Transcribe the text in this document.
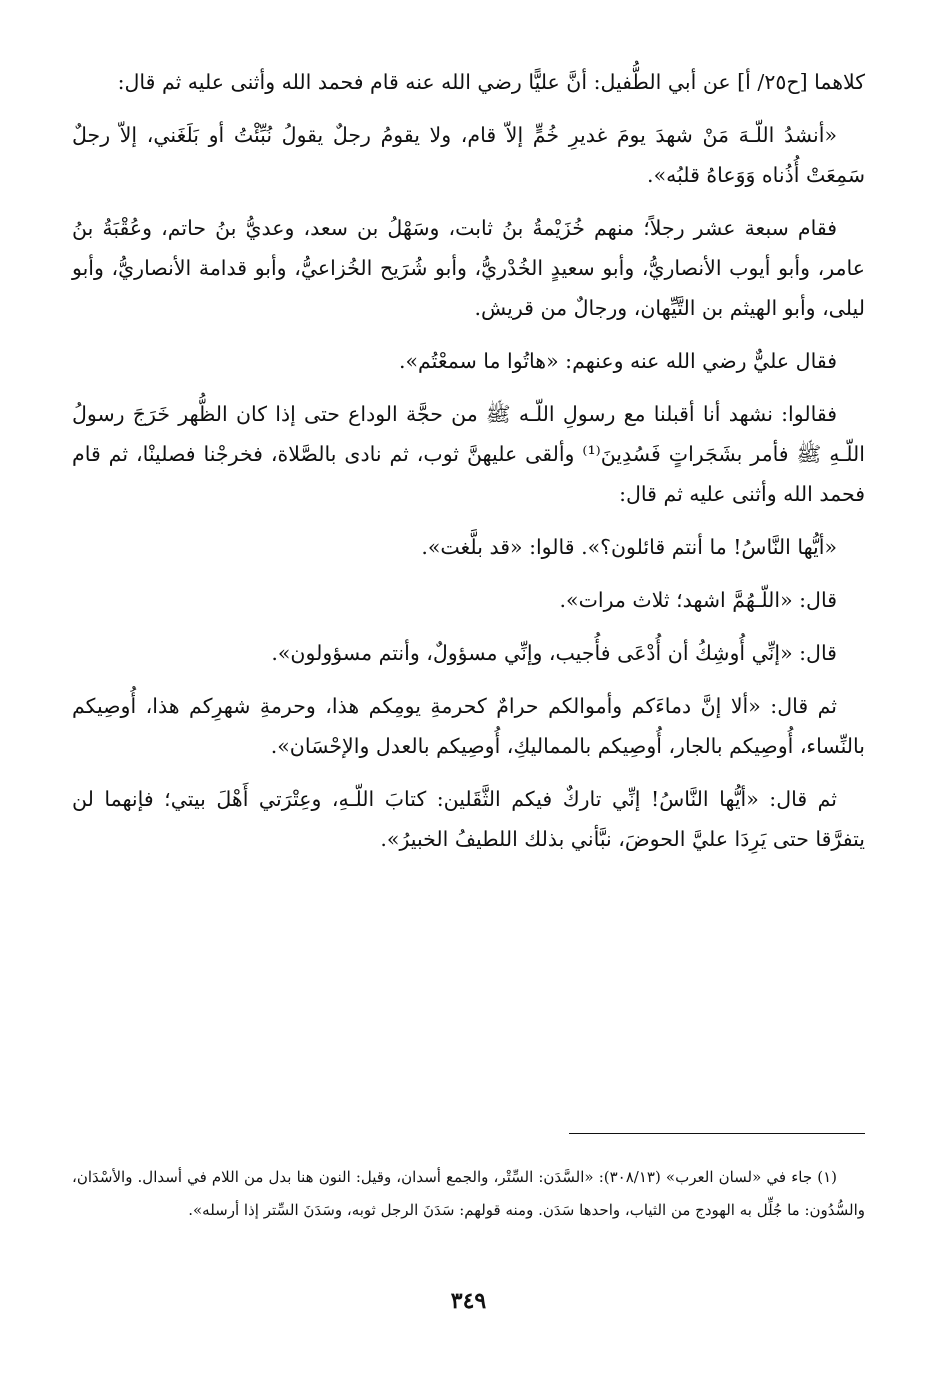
كلاهما [ح٢٥/ أ] عن أبي الطُّفيل: أنَّ عليًّا رضي الله عنه قام فحمد الله وأثنى عليه ثم قال:

«أنشدُ اللّـهَ مَنْ شهدَ يومَ غديرِ خُمٍّ إلاّ قام، ولا يقومُ رجلٌ يقولُ نُبِّئْتُ أو بَلَغَني، إلاّ رجلٌ سَمِعَتْ أُذُناه وَوَعاهُ قلبُه».

فقام سبعة عشر رجلاً؛ منهم خُزَيْمةُ بنُ ثابت، وسَهْلُ بن سعد، وعديُّ بنُ حاتم، وعُقْبَةُ بنُ عامر، وأبو أيوب الأنصاريُّ، وأبو سعيدٍ الخُدْريُّ، وأبو شُرَيح الخُزاعيُّ، وأبو قدامة الأنصاريُّ، وأبو ليلى، وأبو الهيثم بن التَّيِّهان، ورجالٌ من قريش.

فقال عليٌّ رضي الله عنه وعنهم: «هاتُوا ما سمعْتُم».

فقالوا: نشهد أنا أقبلنا مع رسولِ اللّـه ﷺ من حجَّة الوداع حتى إذا كان الظُّهر خَرَجَ رسولُ اللّـهِ ﷺ فأمر بشَجَراتٍ فَسُدِينَ⁽¹⁾ وألقى عليهنَّ ثوب، ثم نادى بالصَّلاة، فخرجْنا فصلينْا، ثم قام فحمد الله وأثنى عليه ثم قال:

«أيُّها النَّاسُ! ما أنتم قائلون؟». قالوا: «قد بلَّغت».

قال: «اللّـهُمَّ اشهد؛ ثلاث مرات».

قال: «إنِّي أُوشِكُ أن أُدْعَى فأُجيب، وإنِّي مسؤولٌ، وأنتم مسؤولون».

ثم قال: «ألا إنَّ دماءَكم وأموالكم حرامٌ كحرمةِ يومِكم هذا، وحرمةِ شهرِكم هذا، أُوصِيكم بالنِّساء، أُوصِيكم بالجار، أُوصِيكم بالمماليكِ، أُوصِيكم بالعدل والإحْسَان».

ثم قال: «أيُّها النَّاسُ! إنِّي تاركٌ فيكم الثَّقَلين: كتابَ اللّـهِ، وعِتْرَتي أَهْلَ بيتي؛ فإنهما لن يتفرَّقا حتى يَرِدَا عليَّ الحوضَ، نبَّأني بذلك اللطيفُ الخبيرُ».

(١) جاء في «لسان العرب» (٣٠٨/١٣): «السَّدَن: السِّتْر، والجمع أسدان، وقيل: النون هنا بدل من اللام في أسدال. والأسْدَان، والسُّدُون: ما جُلِّل به الهودج من الثياب، واحدها سَدَن. ومنه قولهم: سَدَنَ الرجل ثوبه، وسَدَنَ السِّتر إذا أرسله».

٣٤٩
